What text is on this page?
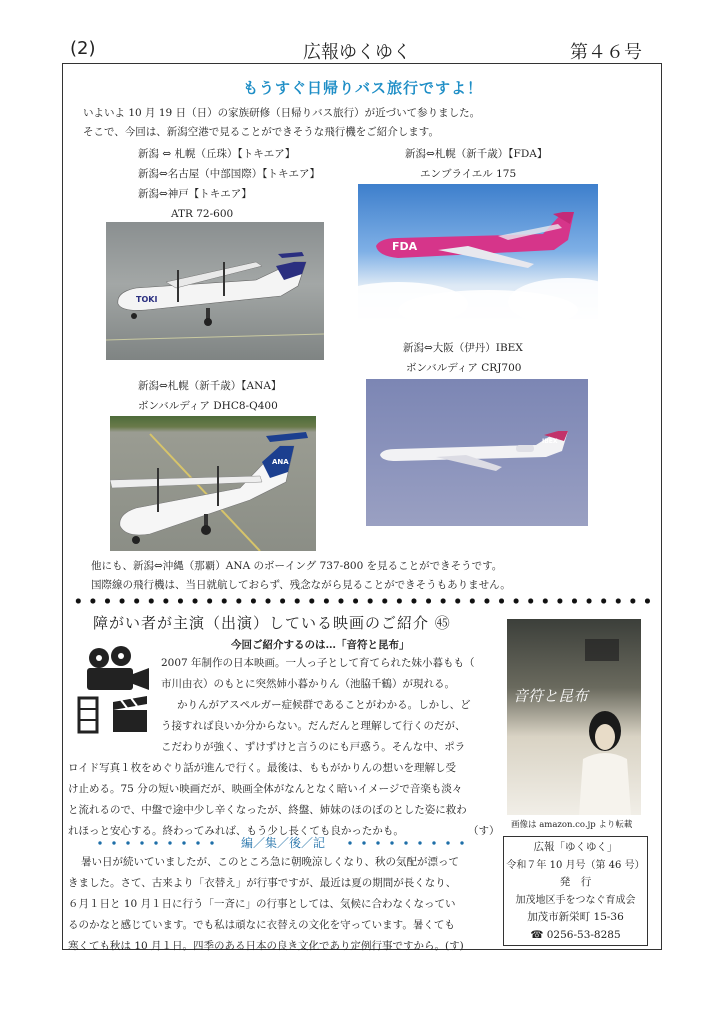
(2)	広報ゆくゆく	第４６号
もうすぐ日帰りバス旅行ですよ！
いよいよ 10 月 19 日（日）の家族研修（日帰りバス旅行）が近づいて参りました。
そこで、今回は、新潟空港で見ることができそうな飛行機をご紹介します。
新潟 ⇔ 札幌（丘珠）【トキエア】
新潟⇔名古屋（中部国際）【トキエア】
新潟⇔神戸【トキエア】
ATR 72-600
新潟⇔札幌（新千歳）【FDA】
エンブライエル 175
TOKI
FDA
新潟⇔大阪（伊丹）IBEX
ボンバルディア CRJ700
新潟⇔札幌（新千歳）【ANA】
ボンバルディア DHC8-Q400
ANA
IBEX
他にも、新潟⇔沖縄（那覇）ANA のボーイング 737-800 を見ることができそうです。
国際線の飛行機は、当日就航しておらず、残念ながら見ることができそうもありません。
障がい者が主演（出演）している映画のご紹介 ㊺
今回ご紹介するのは…「音符と昆布」
2007 年制作の日本映画。一人っ子として育てられた妹小暮もも（
市川由衣）のもとに突然姉小暮かりん（池脇千鶴）が現れる。
かりんがアスペルガー症候群であることがわかる。しかし、ど
う接すれば良いか分からない。だんだんと理解して行くのだが、
こだわりが強く、ずけずけと言うのにも戸惑う。そんな中、ポラ
ロイド写真１枚をめぐり話が進んで行く。最後は、ももがかりんの想いを理解し受
け止める。75 分の短い映画だが、映画全体がなんとなく暗いイメージで音楽も淡々
と流れるので、中盤で途中少し辛くなったが、終盤、姉妹のほのぼのとした姿に救わ
れほっと安心する。終わってみれば、もう少し長くても良かったかも。	（す）
音符と昆布
画像は amazon.co.jp より転載
編／集／後／記
暑い日が続いていましたが、このところ急に朝晩涼しくなり、秋の気配が漂って
きました。さて、古来より「衣替え」が行事ですが、最近は夏の期間が長くなり、
６月１日と 10 月１日に行う「一斉に」の行事としては、気候に合わなくなってい
るのかなと感じています。でも私は頑なに衣替えの文化を守っています。暑くても
寒くても秋は 10 月１日。四季のある日本の良き文化であり定例行事ですから。(す)
広報「ゆくゆく」
令和７年 10 月号（第 46 号）
発　行
加茂地区手をつなぐ育成会
加茂市新栄町 15-36
☎ 0256-53-8285
